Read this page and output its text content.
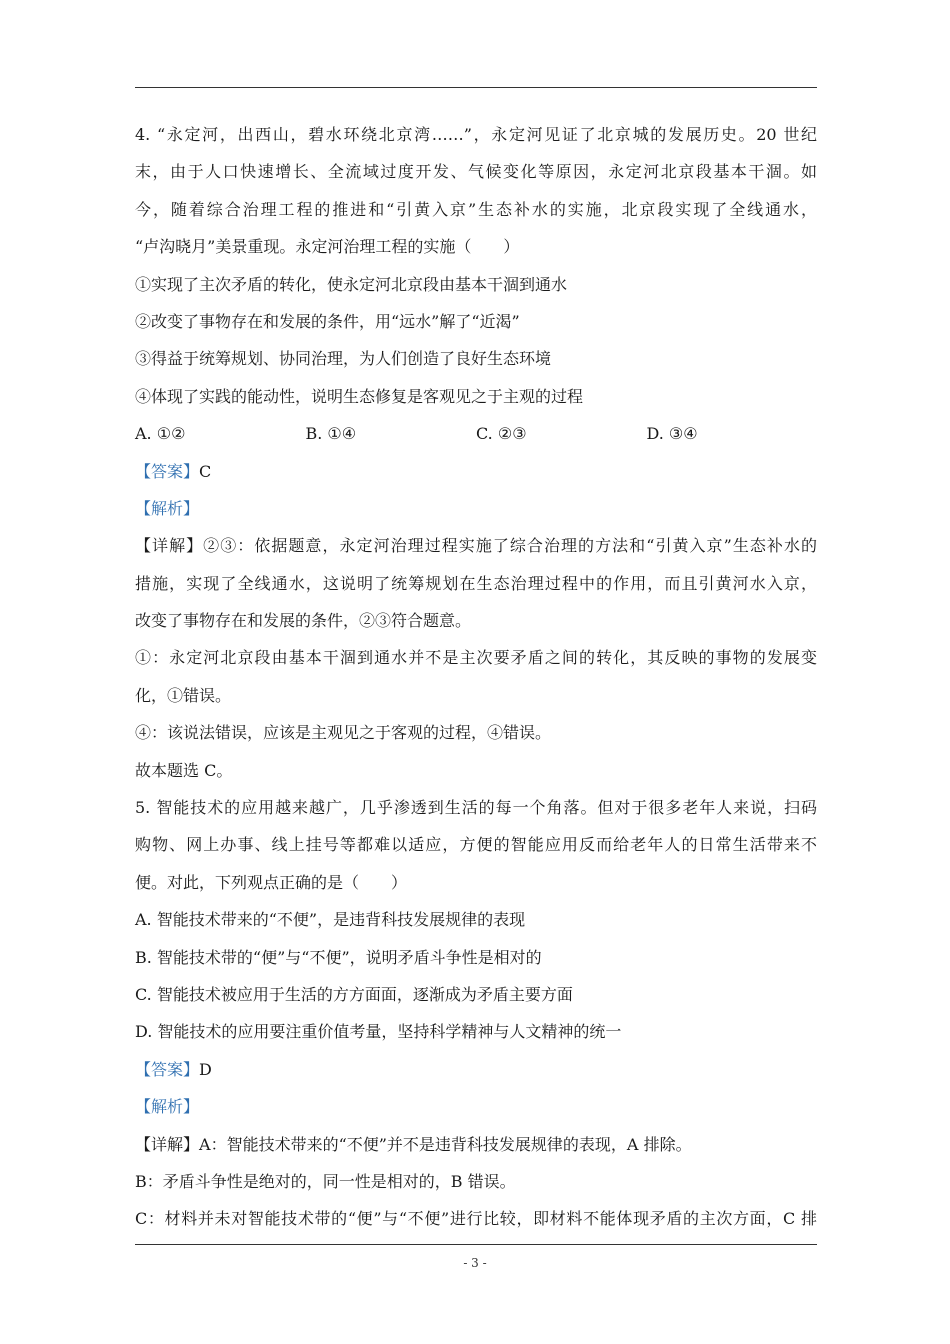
4. “永定河，出西山，碧水环绕北京湾……”，永定河见证了北京城的发展历史。20 世纪
末，由于人口快速增长、全流域过度开发、气候变化等原因，永定河北京段基本干涸。如
今，随着综合治理工程的推进和“引黄入京”生态补水的实施，北京段实现了全线通水，
“卢沟晓月”美景重现。永定河治理工程的实施（　　）
①实现了主次矛盾的转化，使永定河北京段由基本干涸到通水
②改变了事物存在和发展的条件，用“远水”解了“近渴”
③得益于统筹规划、协同治理，为人们创造了良好生态环境
④体现了实践的能动性，说明生态修复是客观见之于主观的过程
A. ①②	B. ①④	C. ②③	D. ③④
【答案】C
【解析】
【详解】②③：依据题意，永定河治理过程实施了综合治理的方法和“引黄入京”生态补水的
措施，实现了全线通水，这说明了统筹规划在生态治理过程中的作用，而且引黄河水入京，
改变了事物存在和发展的条件，②③符合题意。
①：永定河北京段由基本干涸到通水并不是主次要矛盾之间的转化，其反映的事物的发展变
化，①错误。
④：该说法错误，应该是主观见之于客观的过程，④错误。
故本题选 C。
5. 智能技术的应用越来越广，几乎渗透到生活的每一个角落。但对于很多老年人来说，扫码
购物、网上办事、线上挂号等都难以适应，方便的智能应用反而给老年人的日常生活带来不
便。对此，下列观点正确的是（　　）
A. 智能技术带来的“不便”，是违背科技发展规律的表现
B. 智能技术带的“便”与“不便”，说明矛盾斗争性是相对的
C. 智能技术被应用于生活的方方面面，逐渐成为矛盾主要方面
D. 智能技术的应用要注重价值考量，坚持科学精神与人文精神的统一
【答案】D
【解析】
【详解】A：智能技术带来的“不便”并不是违背科技发展规律的表现，A 排除。
B：矛盾斗争性是绝对的，同一性是相对的，B 错误。
C：材料并未对智能技术带的“便”与“不便”进行比较，即材料不能体现矛盾的主次方面，C 排
- 3 -
